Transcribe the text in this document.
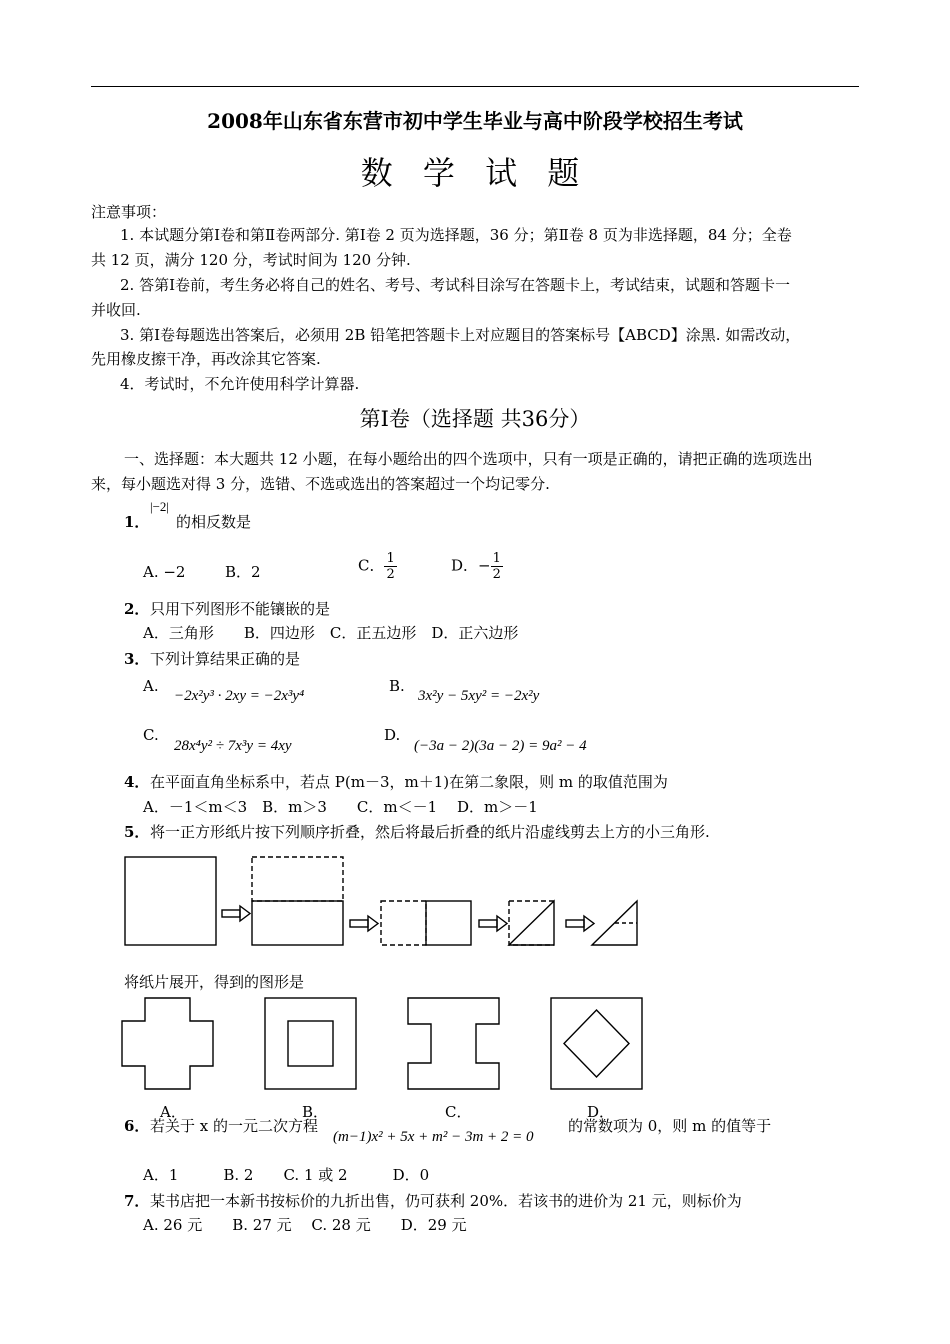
2008年山东省东营市初中学生毕业与高中阶段学校招生考试
数 学 试 题
注意事项：
1. 本试题分第Ⅰ卷和第Ⅱ卷两部分. 第Ⅰ卷 2 页为选择题，36 分；第Ⅱ卷 8 页为非选择题，84 分；全卷
共 12 页，满分 120 分，考试时间为 120 分钟.
2. 答第Ⅰ卷前，考生务必将自己的姓名、考号、考试科目涂写在答题卡上，考试结束，试题和答题卡一
并收回.
3. 第Ⅰ卷每题选出答案后，必须用 2B 铅笔把答题卡上对应题目的答案标号【ABCD】涂黑. 如需改动，
先用橡皮擦干净，再改涂其它答案.
4．考试时，不允许使用科学计算器.
第Ⅰ卷（选择题 共36分）
一、选择题：本大题共 12 小题，在每小题给出的四个选项中，只有一项是正确的，请把正确的选项选出
来，每小题选对得 3 分，选错、不选或选出的答案超过一个均记零分.
1．
|−2|
的相反数是
A. −2	B．2	C． $\frac{1}{2}$	D．− $\frac{1}{2}$
2． 只用下列图形不能镶嵌的是
A．三角形　　B．四边形　C．正五边形　D．正六边形
3． 下列计算结果正确的是
A.
−2x²y³ · 2xy = −2x³y⁴
B.
3x²y − 5xy² = −2x²y
C.
28x⁴y² ÷ 7x³y = 4xy
D.
(−3a − 2)(3a − 2) = 9a² − 4
4． 在平面直角坐标系中，若点 P(m－3，m＋1)在第二象限，则 m 的取值范围为
A．－1＜m＜3　B．m＞3　　C．m＜－1　 D．m＞－1
5． 将一正方形纸片按下列顺序折叠，然后将最后折叠的纸片沿虚线剪去上方的小三角形.
将纸片展开，得到的图形是
A．	B．	C．	D．
6． 若关于 x 的一元二次方程
(m−1)x² + 5x + m² − 3m + 2 = 0
的常数项为 0，则 m 的值等于
A．1　　　B. 2　　C. 1 或 2　　　D．0
7． 某书店把一本新书按标价的九折出售，仍可获利 20%．若该书的进价为 21 元，则标价为
A. 26 元　　B. 27 元　 C. 28 元　　D．29 元
